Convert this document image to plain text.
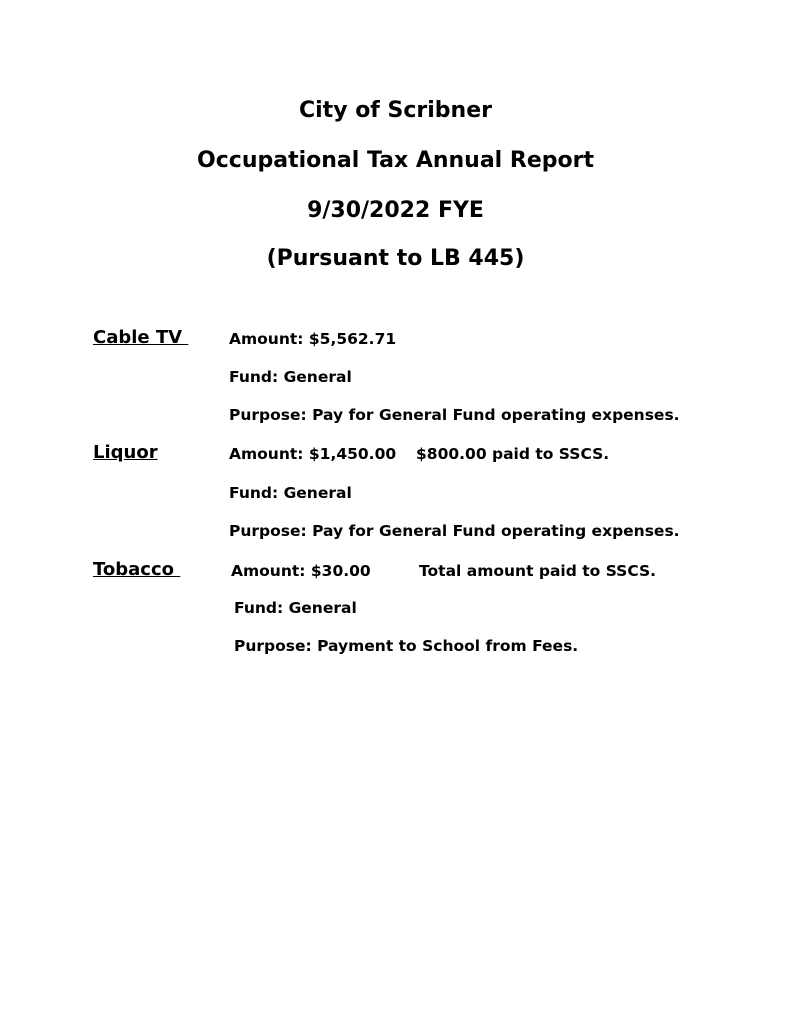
City of Scribner
Occupational Tax Annual Report
9/30/2022 FYE
(Pursuant to LB 445)
Cable TV	Amount: $5,562.71
Fund: General
Purpose: Pay for General Fund operating expenses.
Liquor	Amount: $1,450.00 $800.00 paid to SSCS.
Fund: General
Purpose: Pay for General Fund operating expenses.
Tobacco	Amount: $30.00	Total amount paid to SSCS.
Fund: General
Purpose: Payment to School from Fees.
